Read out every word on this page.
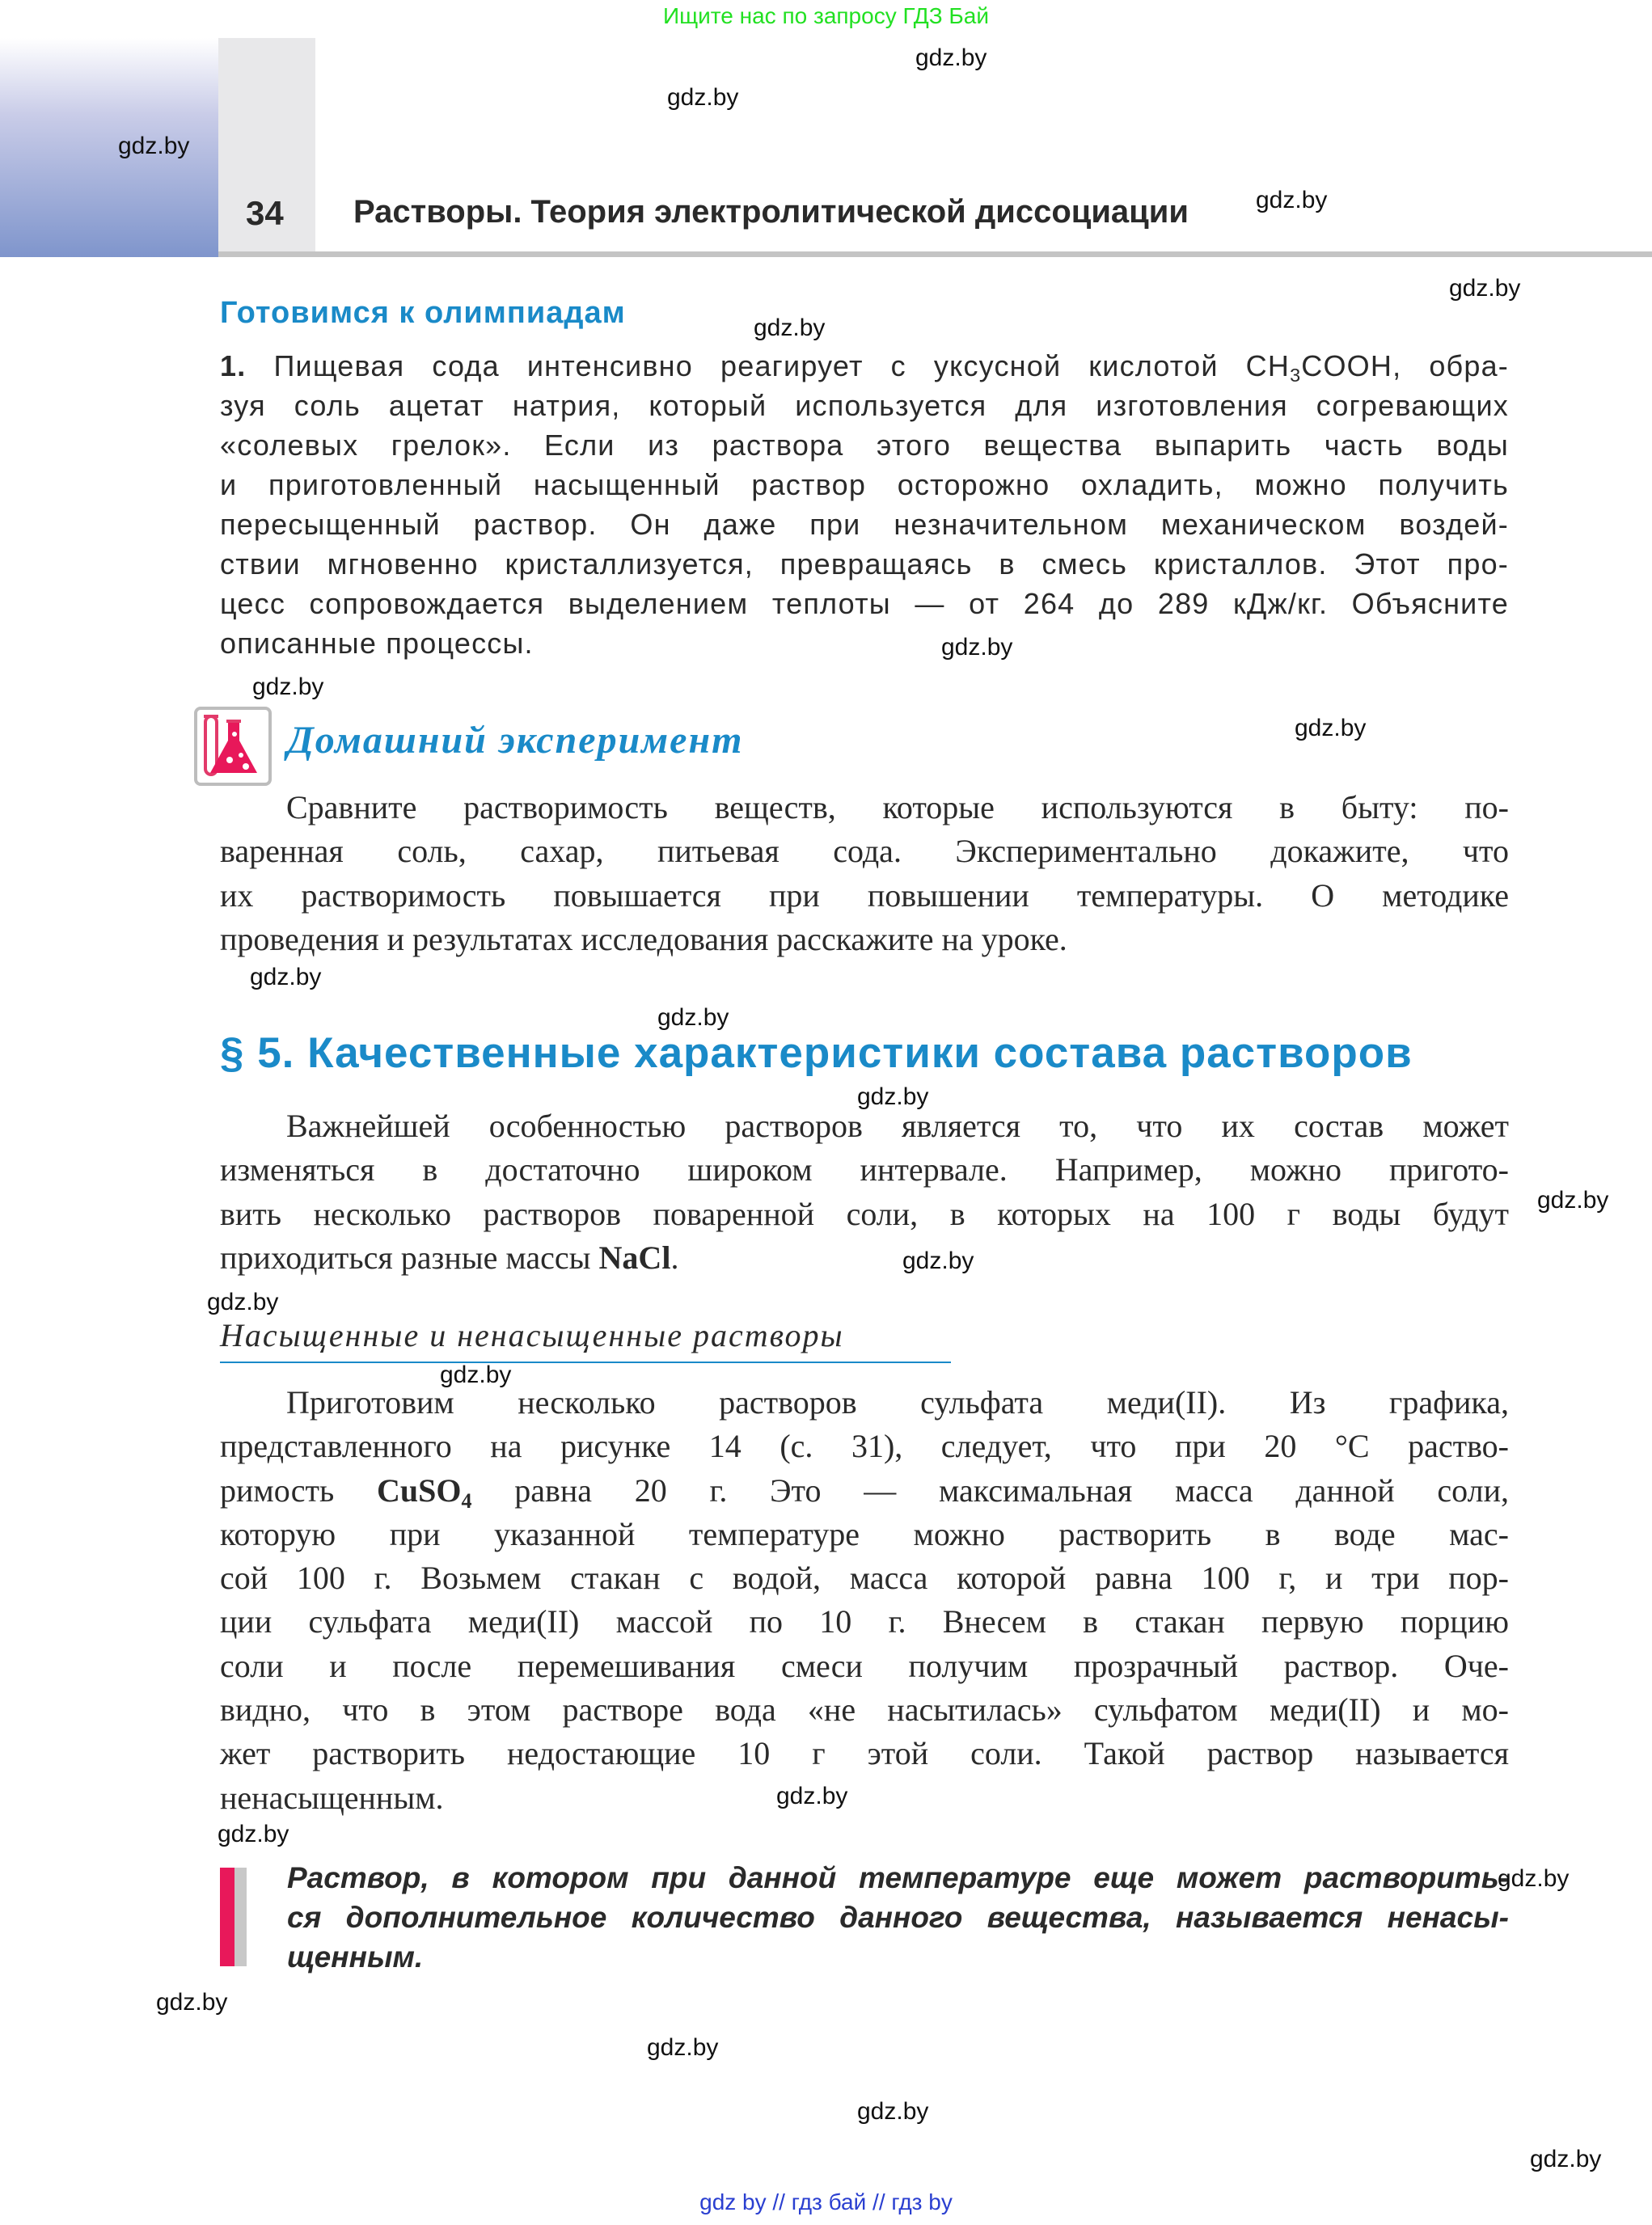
Ищите нас по запросу ГДЗ Бай
34 Растворы. Теория электролитической диссоциации
Готовимся к олимпиадам
1. Пищевая сода интенсивно реагирует с уксусной кислотой $CH_3COOH$, обра-
зуя соль ацетат натрия, который используется для изготовления согревающих
«солевых грелок». Если из раствора этого вещества выпарить часть воды
и приготовленный насыщенный раствор осторожно охладить, можно получить
пересыщенный раствор. Он даже при незначительном механическом воздей-
ствии мгновенно кристаллизуется, превращаясь в смесь кристаллов. Этот про-
цесс сопровождается выделением теплоты — от 264 до 289 кДж/кг. Объясните
описанные процессы.
Домашний эксперимент
Сравните растворимость веществ, которые используются в быту: по-
варенная соль, сахар, питьевая сода. Экспериментально докажите, что
их растворимость повышается при повышении температуры. О методике
проведения и результатах исследования расскажите на уроке.
§ 5. Качественные характеристики состава растворов
Важнейшей особенностью растворов является то, что их состав может
изменяться в достаточно широком интервале. Например, можно пригото-
вить несколько растворов поваренной соли, в которых на 100 г воды будут
приходиться разные массы NaCl.
Насыщенные и ненасыщенные растворы
Приготовим несколько растворов сульфата меди(II). Из графика,
представленного на рисунке 14 (с. 31), следует, что при 20 °C раство-
римость CuSO$_4$ равна 20 г. Это — максимальная масса данной соли,
которую при указанной температуре можно растворить в воде мас-
сой 100 г. Возьмем стакан с водой, масса которой равна 100 г, и три пор-
ции сульфата меди(II) массой по 10 г. Внесем в стакан первую порцию
соли и после перемешивания смеси получим прозрачный раствор. Оче-
видно, что в этом растворе вода «не насытилась» сульфатом меди(II) и мо-
жет растворить недостающие 10 г этой соли. Такой раствор называется
ненасыщенным.
Раствор, в котором при данной температуре еще может растворить-
ся дополнительное количество данного вещества, называется ненасы-
щенным.
gdz.by
gdz.by
gdz.by
gdz.by
gdz.by
gdz.by
gdz.by
gdz.by
gdz.by
gdz.by
gdz.by
gdz.by
gdz.by
gdz.by
gdz.by
gdz.by
gdz.by
gdz.by
gdz.by
gdz.by
gdz.by
gdz.by
gdz.by
gdz by // гдз бай // гдз by
